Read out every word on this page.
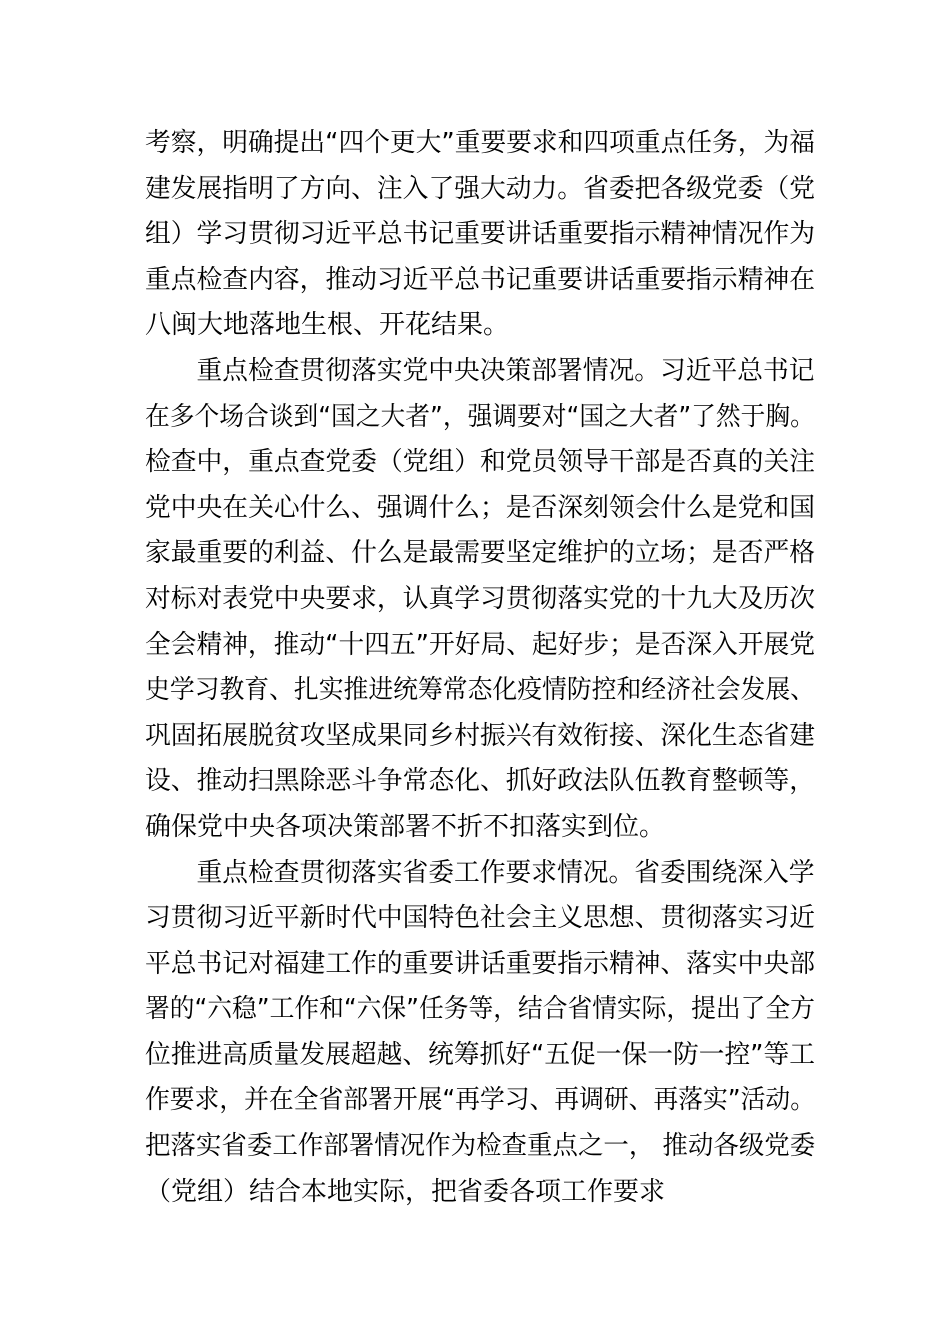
考察，明确提出“四个更大”重要要求和四项重点任务，为福
建发展指明了方向、注入了强大动力。省委把各级党委（党
组）学习贯彻习近平总书记重要讲话重要指示精神情况作为
重点检查内容，推动习近平总书记重要讲话重要指示精神在
八闽大地落地生根、开花结果。
重点检查贯彻落实党中央决策部署情况。习近平总书记
在多个场合谈到“国之大者”，强调要对“国之大者”了然于胸。
检查中，重点查党委（党组）和党员领导干部是否真的关注
党中央在关心什么、强调什么；是否深刻领会什么是党和国
家最重要的利益、什么是最需要坚定维护的立场；是否严格
对标对表党中央要求，认真学习贯彻落实党的十九大及历次
全会精神，推动“十四五”开好局、起好步；是否深入开展党
史学习教育、扎实推进统筹常态化疫情防控和经济社会发展、
巩固拓展脱贫攻坚成果同乡村振兴有效衔接、深化生态省建
设、推动扫黑除恶斗争常态化、抓好政法队伍教育整顿等，
确保党中央各项决策部署不折不扣落实到位。
重点检查贯彻落实省委工作要求情况。省委围绕深入学
习贯彻习近平新时代中国特色社会主义思想、贯彻落实习近
平总书记对福建工作的重要讲话重要指示精神、落实中央部
署的“六稳”工作和“六保”任务等，结合省情实际，提出了全方
位推进高质量发展超越、统筹抓好“五促一保一防一控”等工
作要求，并在全省部署开展“再学习、再调研、再落实”活动。
把落实省委工作部署情况作为检查重点之一， 推动各级党委
（党组）结合本地实际，把省委各项工作要求
